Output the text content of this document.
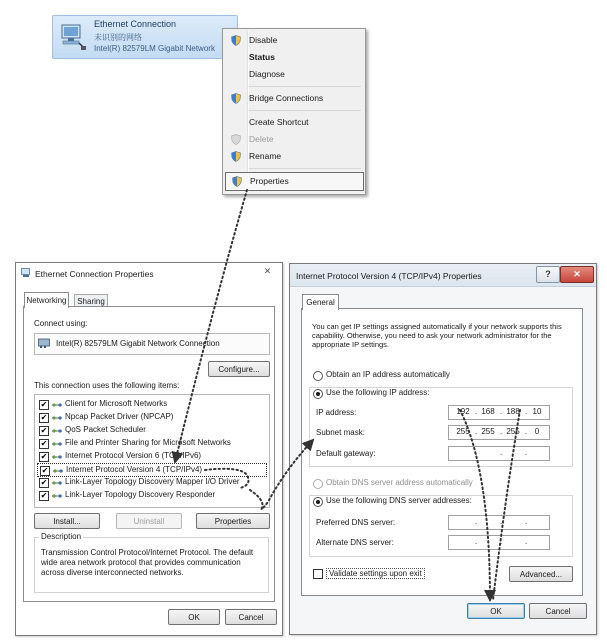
Ethernet Connection
未识别的网络
Intel(R) 82579LM Gigabit Network
Disable
Status
Diagnose
Bridge Connections
Create Shortcut
Delete
Rename
Properties
Ethernet Connection Properties	✕
Networking Sharing
Connect using:
Intel(R) 82579LM Gigabit Network Connection
Configure...
This connection uses the following items:
✔ Client for Microsoft Networks
✔ Npcap Packet Driver (NPCAP)
✔ QoS Packet Scheduler
✔ File and Printer Sharing for Microsoft Networks
✔ Internet Protocol Version 6 (TCP/IPv6)
✔ Internet Protocol Version 4 (TCP/IPv4)
✔ Link-Layer Topology Discovery Mapper I/O Driver
✔ Link-Layer Topology Discovery Responder
Install...	Uninstall	Properties
Description
Transmission Control Protocol/Internet Protocol. The default wide area network protocol that provides communication across diverse interconnected networks.
OK	Cancel
Internet Protocol Version 4 (TCP/IPv4) Properties	?	✕
General
You can get IP settings assigned automatically if your network supports this capability. Otherwise, you need to ask your network administrator for the appropriate IP settings.
Obtain an IP address automatically
Use the following IP address:
IP address:	192 . 168 . 188 . 10
Subnet mask:	255 . 255 . 255 . 0
Default gateway:	.	.	.
Obtain DNS server address automatically
Use the following DNS server addresses:
Preferred DNS server:	.	.	.
Alternate DNS server:	.	.	.
Validate settings upon exit	Advanced...
OK	Cancel
